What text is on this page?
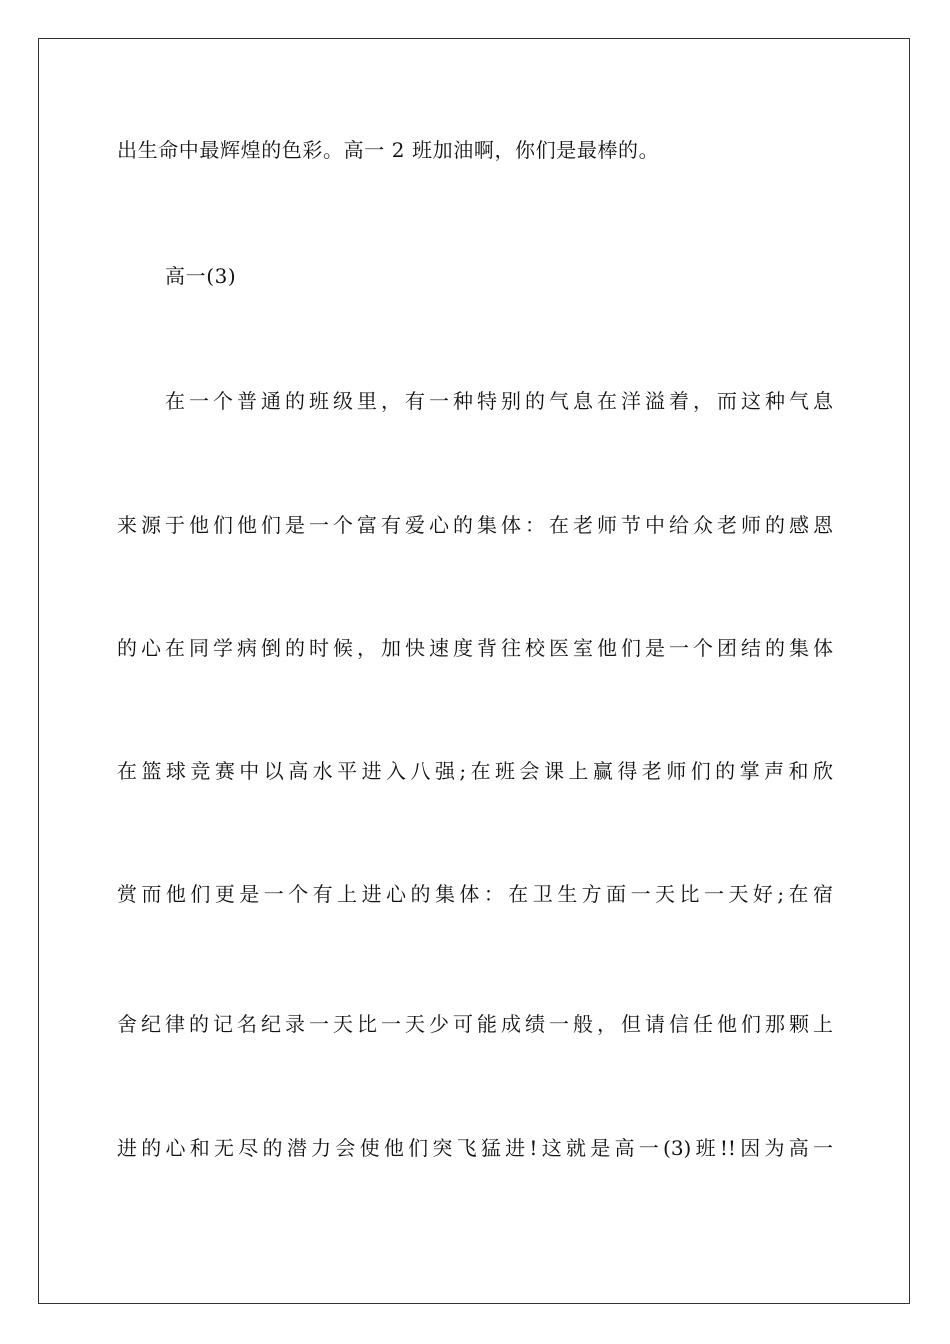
出生命中最辉煌的色彩。高一 2 班加油啊，你们是最棒的。
高一(3)
在一个普通的班级里，有一种特别的气息在洋溢着，而这种气息
来源于他们他们是一个富有爱心的集体：在老师节中给众老师的感恩
的心在同学病倒的时候，加快速度背往校医室他们是一个团结的集体
在篮球竞赛中以高水平进入八强;在班会课上赢得老师们的掌声和欣
赏而他们更是一个有上进心的集体：在卫生方面一天比一天好;在宿
舍纪律的记名纪录一天比一天少可能成绩一般，但请信任他们那颗上
进的心和无尽的潜力会使他们突飞猛进!这就是高一(3)班!!因为高一
